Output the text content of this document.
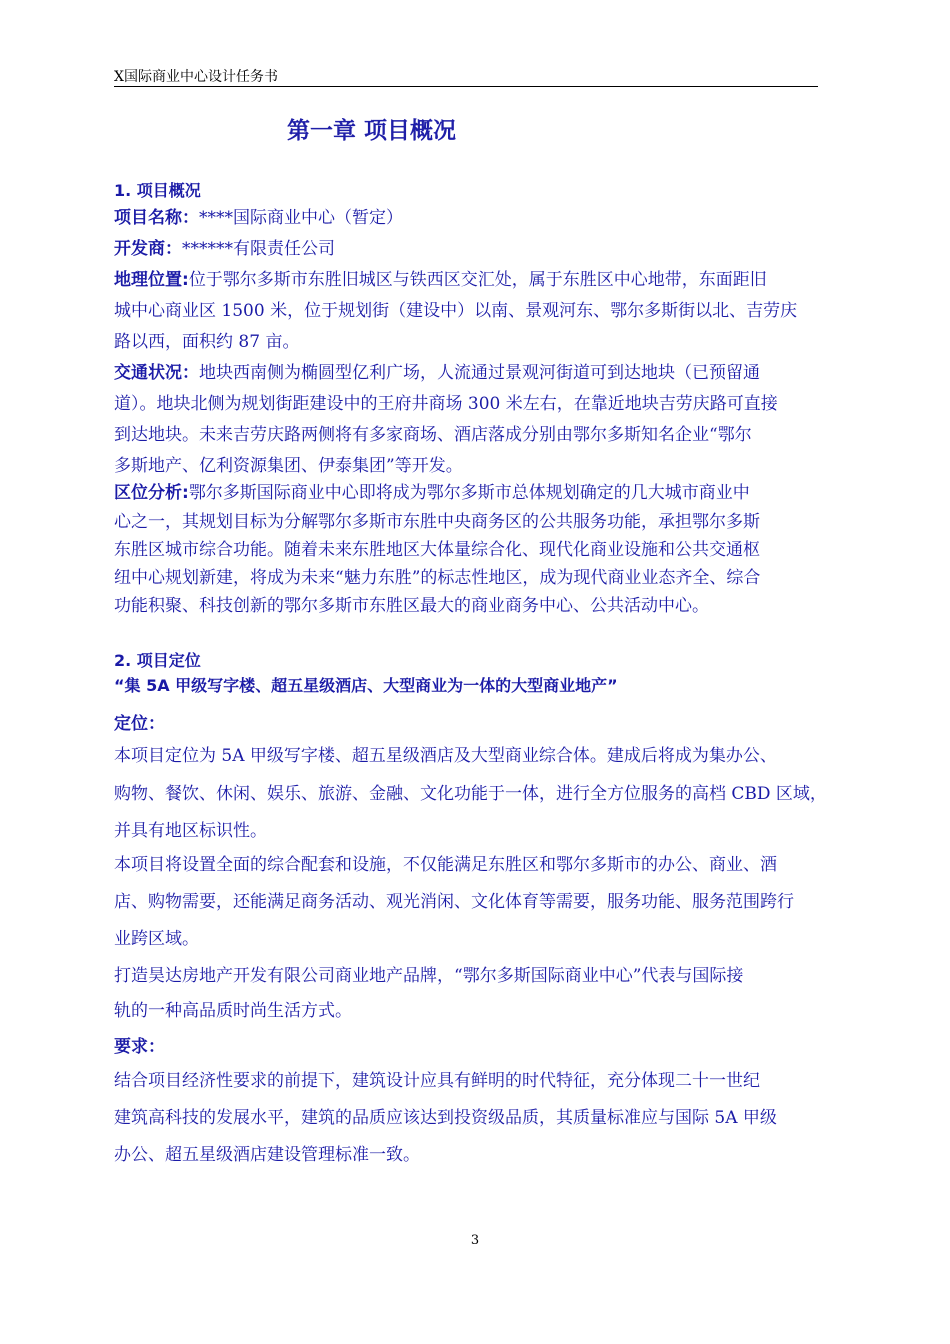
X国际商业中心设计任务书
第一章 项目概况
1. 项目概况
项目名称：****国际商业中心（暂定）
开发商：******有限责任公司
地理位置:位于鄂尔多斯市东胜旧城区与铁西区交汇处，属于东胜区中心地带，东面距旧
城中心商业区 1500 米，位于规划街（建设中）以南、景观河东、鄂尔多斯街以北、吉劳庆
路以西，面积约 87 亩。
交通状况：地块西南侧为椭圆型亿利广场，人流通过景观河街道可到达地块（已预留通
道）。地块北侧为规划街距建设中的王府井商场 300 米左右，在靠近地块吉劳庆路可直接
到达地块。未来吉劳庆路两侧将有多家商场、酒店落成分别由鄂尔多斯知名企业“鄂尔
多斯地产、亿利资源集团、伊泰集团”等开发。
区位分析:鄂尔多斯国际商业中心即将成为鄂尔多斯市总体规划确定的几大城市商业中
心之一，其规划目标为分解鄂尔多斯市东胜中央商务区的公共服务功能，承担鄂尔多斯
东胜区城市综合功能。随着未来东胜地区大体量综合化、现代化商业设施和公共交通枢
纽中心规划新建，将成为未来“魅力东胜”的标志性地区，成为现代商业业态齐全、综合
功能积聚、科技创新的鄂尔多斯市东胜区最大的商业商务中心、公共活动中心。
2. 项目定位
“集 5A 甲级写字楼、超五星级酒店、大型商业为一体的大型商业地产”
定位：
本项目定位为 5A 甲级写字楼、超五星级酒店及大型商业综合体。建成后将成为集办公、
购物、餐饮、休闲、娱乐、旅游、金融、文化功能于一体，进行全方位服务的高档 CBD 区域，
并具有地区标识性。
本项目将设置全面的综合配套和设施，不仅能满足东胜区和鄂尔多斯市的办公、商业、酒
店、购物需要，还能满足商务活动、观光消闲、文化体育等需要，服务功能、服务范围跨行
业跨区域。
打造昊达房地产开发有限公司商业地产品牌，“鄂尔多斯国际商业中心”代表与国际接
轨的一种高品质时尚生活方式。
要求：
结合项目经济性要求的前提下，建筑设计应具有鲜明的时代特征，充分体现二十一世纪
建筑高科技的发展水平，建筑的品质应该达到投资级品质，其质量标准应与国际 5A 甲级
办公、超五星级酒店建设管理标准一致。
3
